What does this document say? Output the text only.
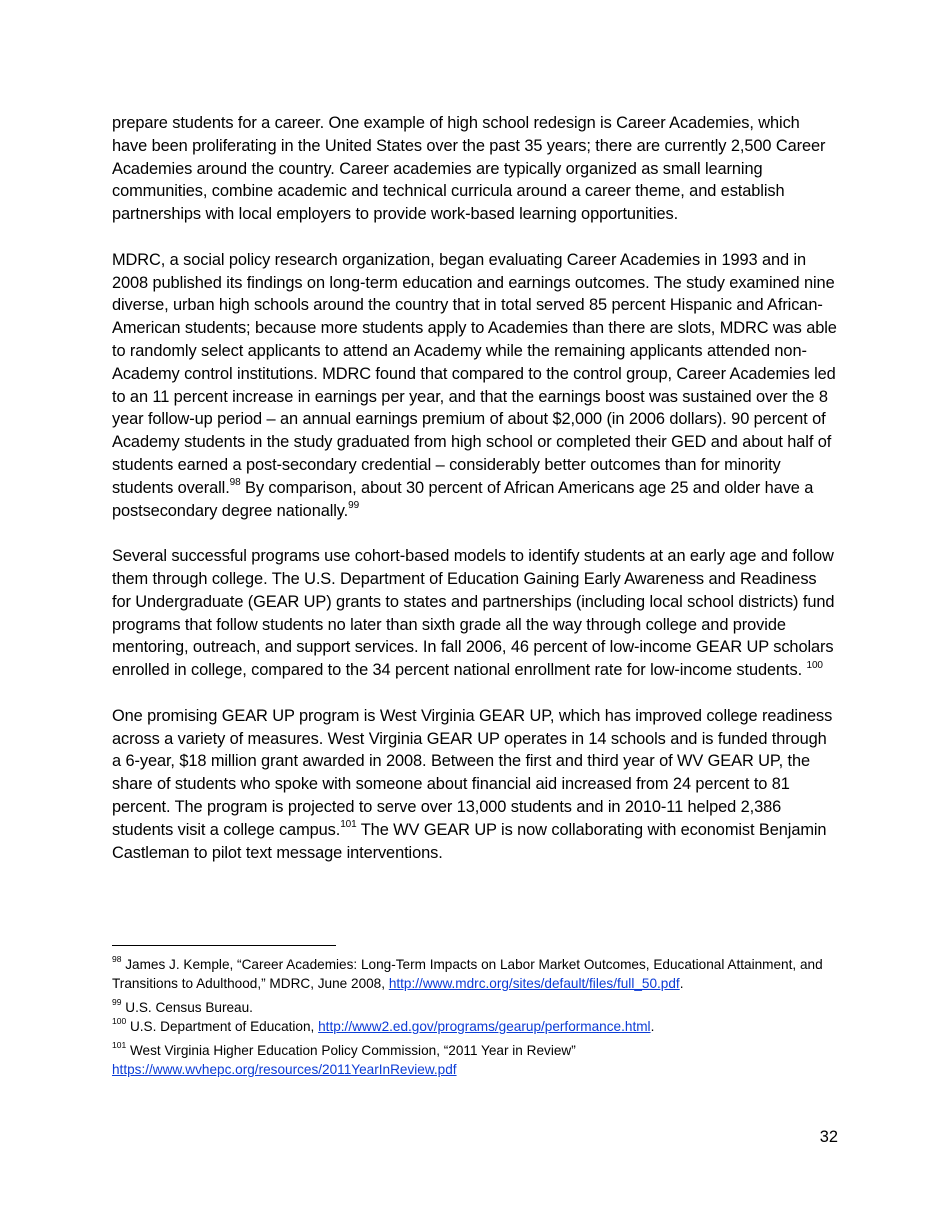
prepare students for a career. One example of high school redesign is Career Academies, which have been proliferating in the United States over the past 35 years; there are currently 2,500 Career Academies around the country. Career academies are typically organized as small learning communities, combine academic and technical curricula around a career theme, and establish partnerships with local employers to provide work-based learning opportunities.

MDRC, a social policy research organization, began evaluating Career Academies in 1993 and in 2008 published its findings on long-term education and earnings outcomes. The study examined nine diverse, urban high schools around the country that in total served 85 percent Hispanic and African-American students; because more students apply to Academies than there are slots, MDRC was able to randomly select applicants to attend an Academy while the remaining applicants attended non-Academy control institutions. MDRC found that compared to the control group, Career Academies led to an 11 percent increase in earnings per year, and that the earnings boost was sustained over the 8 year follow-up period – an annual earnings premium of about $2,000 (in 2006 dollars). 90 percent of Academy students in the study graduated from high school or completed their GED and about half of students earned a post-secondary credential – considerably better outcomes than for minority students overall.$^{98}$ By comparison, about 30 percent of African Americans age 25 and older have a postsecondary degree nationally.$^{99}$

Several successful programs use cohort-based models to identify students at an early age and follow them through college. The U.S. Department of Education Gaining Early Awareness and Readiness for Undergraduate (GEAR UP) grants to states and partnerships (including local school districts) fund programs that follow students no later than sixth grade all the way through college and provide mentoring, outreach, and support services. In fall 2006, 46 percent of low-income GEAR UP scholars enrolled in college, compared to the 34 percent national enrollment rate for low-income students. $^{100}$

One promising GEAR UP program is West Virginia GEAR UP, which has improved college readiness across a variety of measures. West Virginia GEAR UP operates in 14 schools and is funded through a 6-year, $18 million grant awarded in 2008. Between the first and third year of WV GEAR UP, the share of students who spoke with someone about financial aid increased from 24 percent to 81 percent. The program is projected to serve over 13,000 students and in 2010-11 helped 2,386 students visit a college campus.$^{101}$ The WV GEAR UP is now collaborating with economist Benjamin Castleman to pilot text message interventions.

$^{98}$ James J. Kemple, “Career Academies: Long-Term Impacts on Labor Market Outcomes, Educational Attainment, and Transitions to Adulthood,” MDRC, June 2008, http://www.mdrc.org/sites/default/files/full_50.pdf.

$^{99}$ U.S. Census Bureau.

$^{100}$ U.S. Department of Education, http://www2.ed.gov/programs/gearup/performance.html.

$^{101}$ West Virginia Higher Education Policy Commission, “2011 Year in Review”
https://www.wvhepc.org/resources/2011YearInReview.pdf

32
